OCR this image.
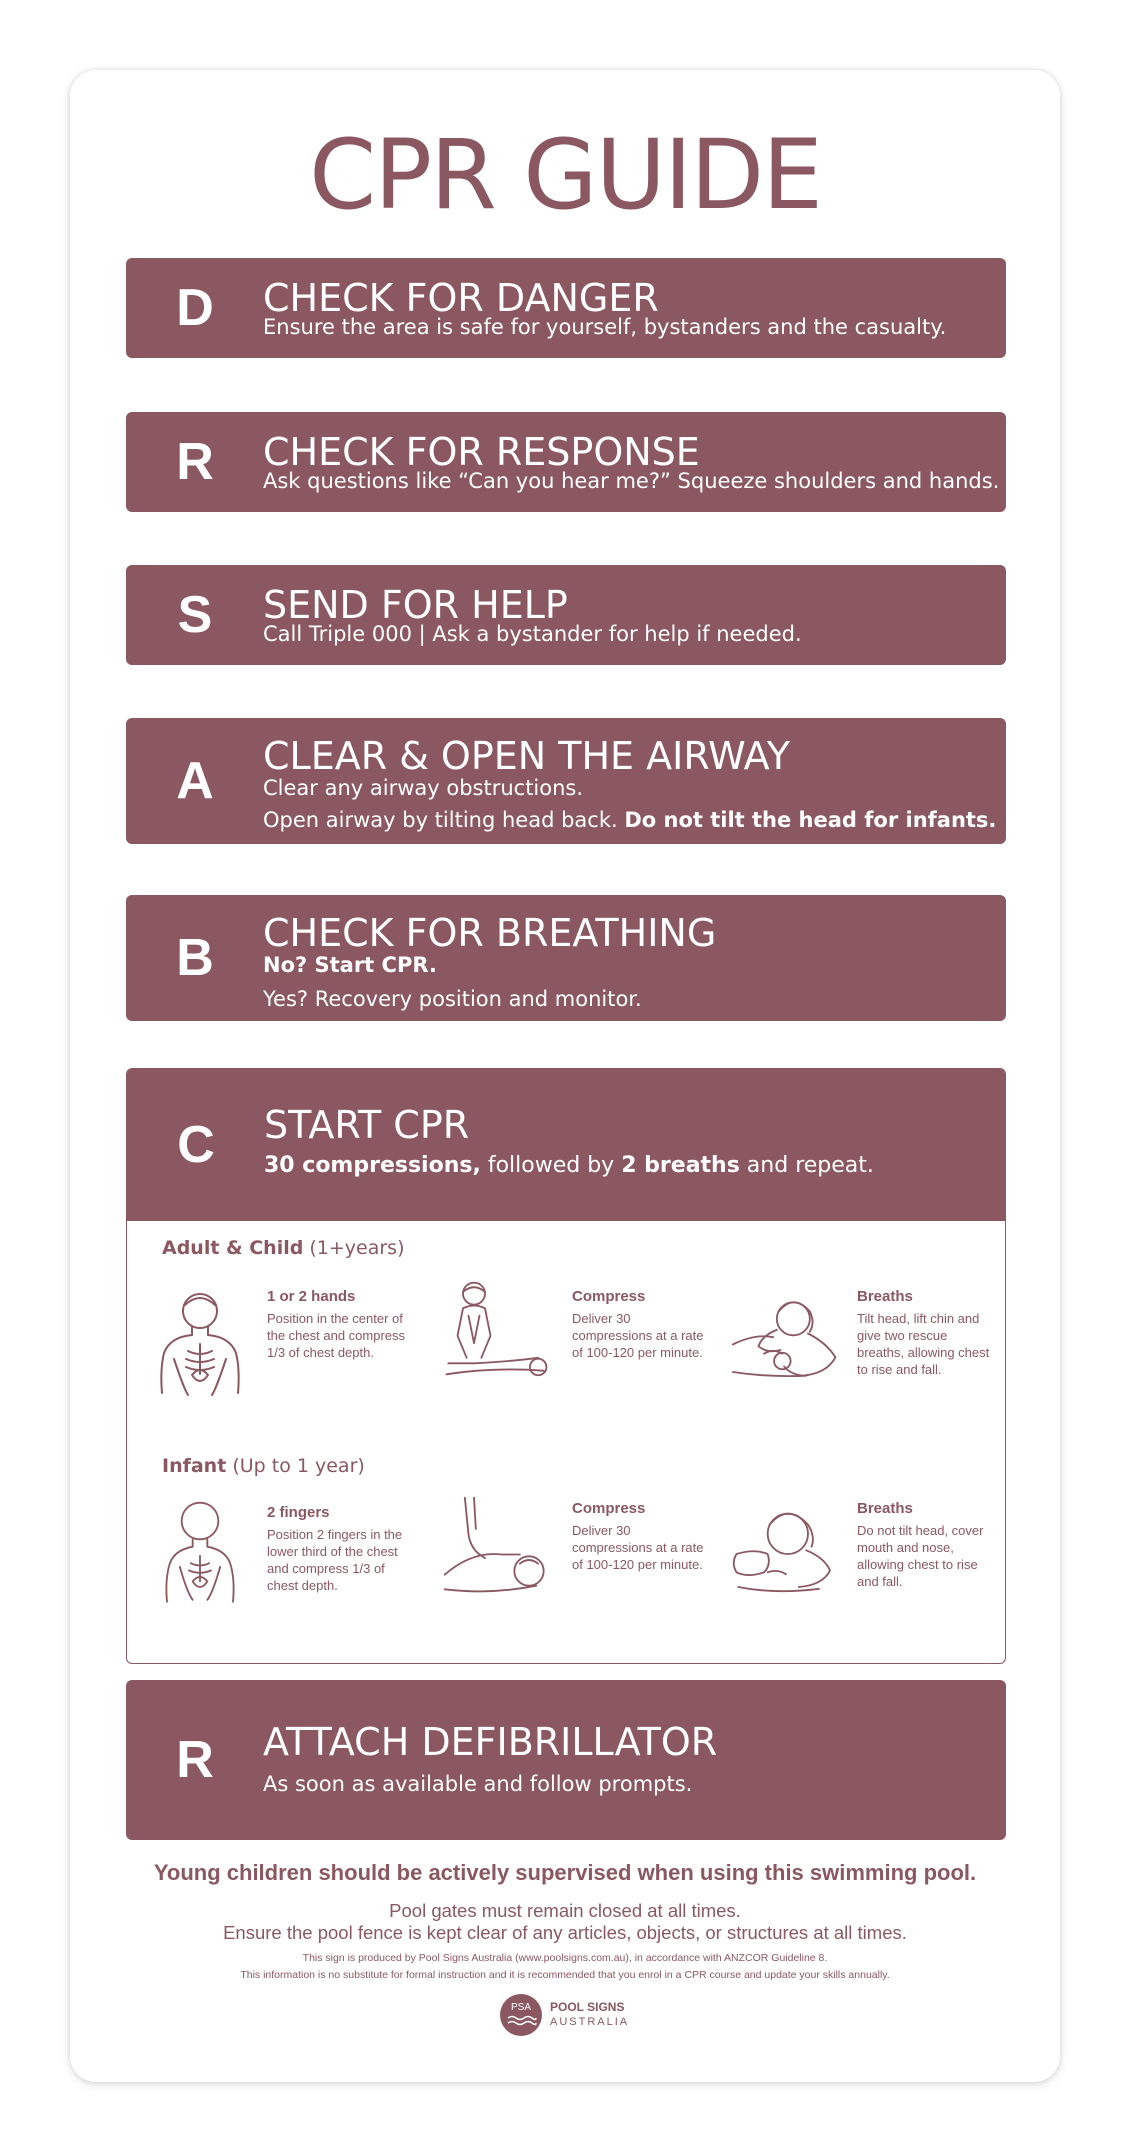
CPR GUIDE
D	CHECK FOR DANGER
Ensure the area is safe for yourself, bystanders and the casualty.
R	CHECK FOR RESPONSE
Ask questions like “Can you hear me?” Squeeze shoulders and hands.
S	SEND FOR HELP
Call Triple 000 | Ask a bystander for help if needed.
A	CLEAR & OPEN THE AIRWAY
Clear any airway obstructions.
Open airway by tilting head back. Do not tilt the head for infants.
B	CHECK FOR BREATHING
No? Start CPR.
Yes? Recovery position and monitor.
C	START CPR
30 compressions, followed by 2 breaths and repeat.
Adult & Child (1+years)
1 or 2 hands
Position in the center of the chest and compress 1/3 of chest depth.
Compress
Deliver 30 compressions at a rate of 100-120 per minute.
Breaths
Tilt head, lift chin and give two rescue breaths, allowing chest to rise and fall.
Infant (Up to 1 year)
2 fingers
Position 2 fingers in the lower third of the chest and compress 1/3 of chest depth.
Compress
Deliver 30 compressions at a rate of 100-120 per minute.
Breaths
Do not tilt head, cover mouth and nose, allowing chest to rise and fall.
R	ATTACH DEFIBRILLATOR
As soon as available and follow prompts.
Young children should be actively supervised when using this swimming pool.
Pool gates must remain closed at all times.
Ensure the pool fence is kept clear of any articles, objects, or structures at all times.
This sign is produced by Pool Signs Australia (www.poolsigns.com.au), in accordance with ANZCOR Guideline 8.
This information is no substitute for formal instruction and it is recommended that you enrol in a CPR course and update your skills annually.
PSA	POOL SIGNS
AUSTRALIA
